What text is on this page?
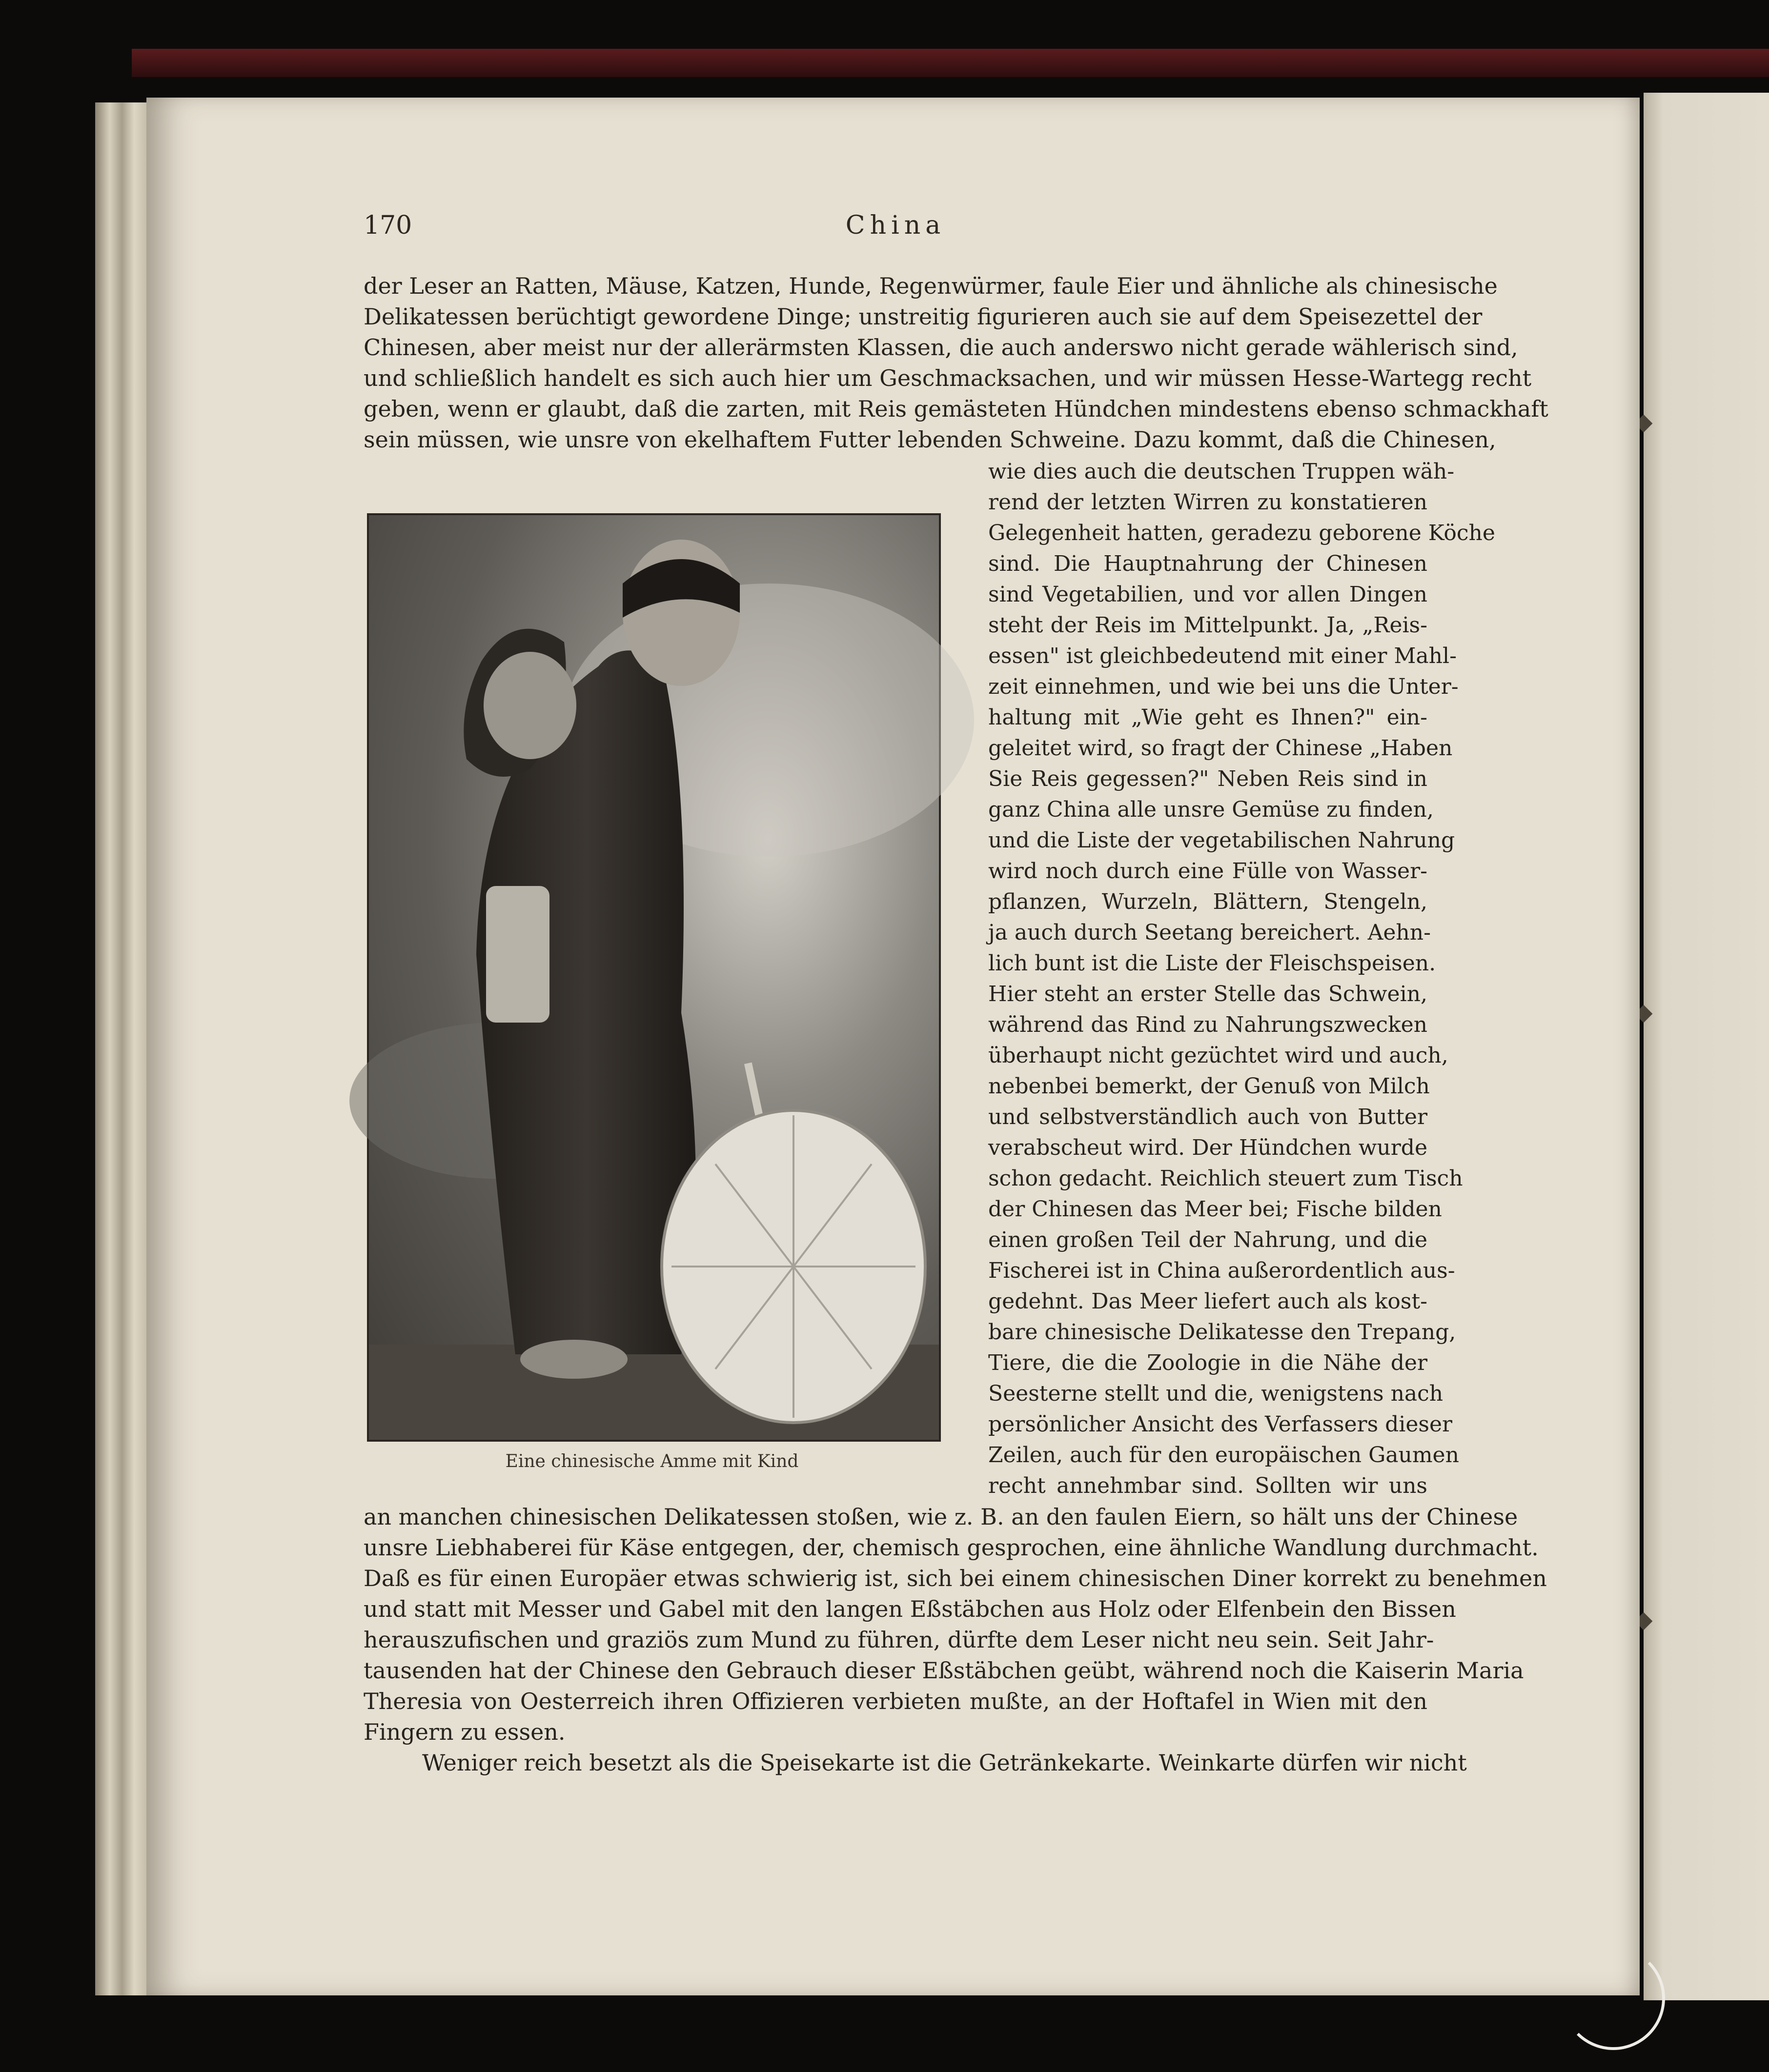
170	China
der Leser an Ratten, Mäuse, Katzen, Hunde, Regenwürmer, faule Eier und ähnliche als chinesische
Delikatessen berüchtigt gewordene Dinge; unstreitig figurieren auch sie auf dem Speisezettel der
Chinesen, aber meist nur der allerärmsten Klassen, die auch anderswo nicht gerade wählerisch sind,
und schließlich handelt es sich auch hier um Geschmacksachen, und wir müssen Hesse-Wartegg recht
geben, wenn er glaubt, daß die zarten, mit Reis gemästeten Hündchen mindestens ebenso schmackhaft
sein müssen, wie unsre von ekelhaftem Futter lebenden Schweine. Dazu kommt, daß die Chinesen,
wie dies auch die deutschen Truppen wäh-
rend der letzten Wirren zu konstatieren
Gelegenheit hatten, geradezu geborene Köche
sind. Die Hauptnahrung der Chinesen
sind Vegetabilien, und vor allen Dingen
steht der Reis im Mittelpunkt. Ja, „Reis-
essen" ist gleichbedeutend mit einer Mahl-
zeit einnehmen, und wie bei uns die Unter-
haltung mit „Wie geht es Ihnen?" ein-
geleitet wird, so fragt der Chinese „Haben
Sie Reis gegessen?" Neben Reis sind in
ganz China alle unsre Gemüse zu finden,
und die Liste der vegetabilischen Nahrung
wird noch durch eine Fülle von Wasser-
pflanzen, Wurzeln, Blättern, Stengeln,
ja auch durch Seetang bereichert. Aehn-
lich bunt ist die Liste der Fleischspeisen.
Hier steht an erster Stelle das Schwein,
während das Rind zu Nahrungszwecken
überhaupt nicht gezüchtet wird und auch,
nebenbei bemerkt, der Genuß von Milch
und selbstverständlich auch von Butter
verabscheut wird. Der Hündchen wurde
schon gedacht. Reichlich steuert zum Tisch
der Chinesen das Meer bei; Fische bilden
einen großen Teil der Nahrung, und die
Fischerei ist in China außerordentlich aus-
gedehnt. Das Meer liefert auch als kost-
bare chinesische Delikatesse den Trepang,
Tiere, die die Zoologie in die Nähe der
Seesterne stellt und die, wenigstens nach
persönlicher Ansicht des Verfassers dieser
Zeilen, auch für den europäischen Gaumen
recht annehmbar sind. Sollten wir uns
Eine chinesische Amme mit Kind
an manchen chinesischen Delikatessen stoßen, wie z. B. an den faulen Eiern, so hält uns der Chinese
unsre Liebhaberei für Käse entgegen, der, chemisch gesprochen, eine ähnliche Wandlung durchmacht.
Daß es für einen Europäer etwas schwierig ist, sich bei einem chinesischen Diner korrekt zu benehmen
und statt mit Messer und Gabel mit den langen Eßstäbchen aus Holz oder Elfenbein den Bissen
herauszufischen und graziös zum Mund zu führen, dürfte dem Leser nicht neu sein. Seit Jahr-
tausenden hat der Chinese den Gebrauch dieser Eßstäbchen geübt, während noch die Kaiserin Maria
Theresia von Oesterreich ihren Offizieren verbieten mußte, an der Hoftafel in Wien mit den
Fingern zu essen.
Weniger reich besetzt als die Speisekarte ist die Getränkekarte. Weinkarte dürfen wir nicht
